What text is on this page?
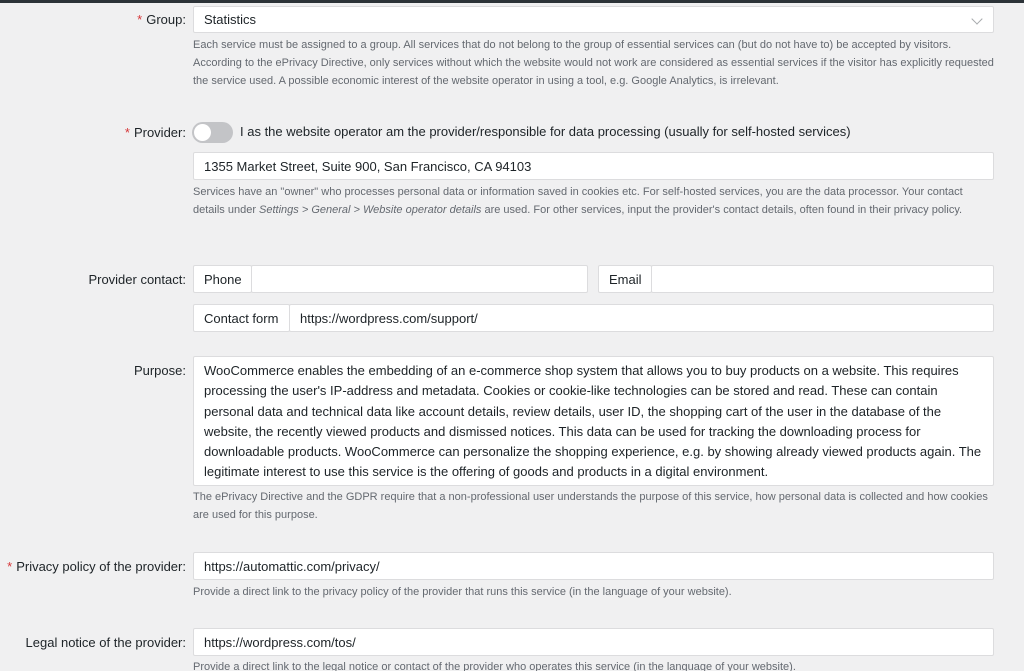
* Group: Statistics
Each service must be assigned to a group. All services that do not belong to the group of essential services can (but do not have to) be accepted by visitors. According to the ePrivacy Directive, only services without which the website would not work are considered as essential services if the visitor has explicitly requested the service used. A possible economic interest of the website operator in using a tool, e.g. Google Analytics, is irrelevant.
* Provider:	I as the website operator am the provider/responsible for data processing (usually for self-hosted services)
1355 Market Street, Suite 900, San Francisco, CA 94103
Services have an "owner" who processes personal data or information saved in cookies etc. For self-hosted services, you are the data processor. Your contact details under Settings > General > Website operator details are used. For other services, input the provider's contact details, often found in their privacy policy.
Provider contact:	Phone	Email
Contact form	https://wordpress.com/support/
Purpose:	WooCommerce enables the embedding of an e-commerce shop system that allows you to buy products on a website. This requires processing the user's IP-address and metadata. Cookies or cookie-like technologies can be stored and read. These can contain personal data and technical data like account details, review details, user ID, the shopping cart of the user in the database of the website, the recently viewed products and dismissed notices. This data can be used for tracking the downloading process for downloadable products. WooCommerce can personalize the shopping experience, e.g. by showing already viewed products again. The legitimate interest to use this service is the offering of goods and products in a digital environment.
The ePrivacy Directive and the GDPR require that a non-professional user understands the purpose of this service, how personal data is collected and how cookies are used for this purpose.
* Privacy policy of the provider: https://automattic.com/privacy/
Provide a direct link to the privacy policy of the provider that runs this service (in the language of your website).
Legal notice of the provider: https://wordpress.com/tos/
Provide a direct link to the legal notice or contact of the provider who operates this service (in the language of your website).
